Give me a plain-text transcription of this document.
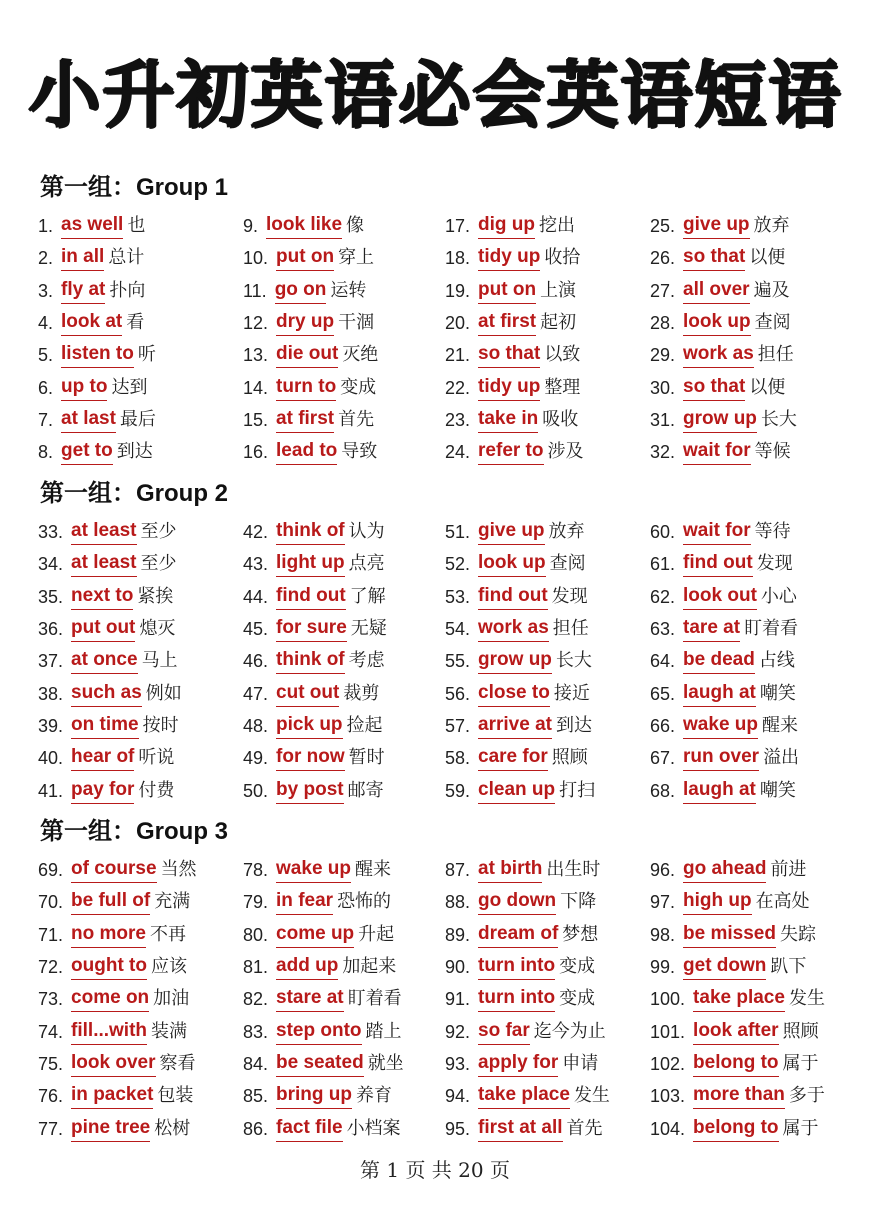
小升初英语必会英语短语
第一组：Group 1
1. as well 也
2. in all 总计
3. fly at 扑向
4. look at 看
5. listen to 听
6. up to 达到
7. at last 最后
8. get to 到达
9. look like 像
10. put on 穿上
11. go on 运转
12. dry up 干涸
13. die out 灭绝
14. turn to 变成
15. at first 首先
16. lead to 导致
17. dig up 挖出
18. tidy up 收拾
19. put on 上演
20. at first 起初
21. so that 以致
22. tidy up 整理
23. take in 吸收
24. refer to 涉及
25. give up 放弃
26. so that 以便
27. all over 遍及
28. look up 查阅
29. work as 担任
30. so that 以便
31. grow up 长大
32. wait for 等候
第一组：Group 2
33. at least 至少
34. at least 至少
35. next to 紧挨
36. put out 熄灭
37. at once 马上
38. such as 例如
39. on time 按时
40. hear of 听说
41. pay for 付费
42. think of 认为
43. light up 点亮
44. find out 了解
45. for sure 无疑
46. think of 考虑
47. cut out 裁剪
48. pick up 捡起
49. for now 暂时
50. by post 邮寄
51. give up 放弃
52. look up 查阅
53. find out 发现
54. work as 担任
55. grow up 长大
56. close to 接近
57. arrive at 到达
58. care for 照顾
59. clean up 打扫
60. wait for 等待
61. find out 发现
62. look out 小心
63. tare at 盯着看
64. be dead 占线
65. laugh at 嘲笑
66. wake up 醒来
67. run over 溢出
68. laugh at 嘲笑
第一组：Group 3
69. of course 当然
70. be full of 充满
71. no more 不再
72. ought to 应该
73. come on 加油
74. fill...with 装满
75. look over 察看
76. in packet 包装
77. pine tree 松树
78. wake up 醒来
79. in fear 恐怖的
80. come up 升起
81. add up 加起来
82. stare at 盯着看
83. step onto 踏上
84. be seated 就坐
85. bring up 养育
86. fact file 小档案
87. at birth 出生时
88. go down 下降
89. dream of 梦想
90. turn into 变成
91. turn into 变成
92. so far 迄今为止
93. apply for 申请
94. take place 发生
95. first at all 首先
96. go ahead 前进
97. high up 在高处
98. be missed 失踪
99. get down 趴下
100. take place 发生
101. look after 照顾
102. belong to 属于
103. more than 多于
104. belong to 属于
第 1 页 共 20 页
